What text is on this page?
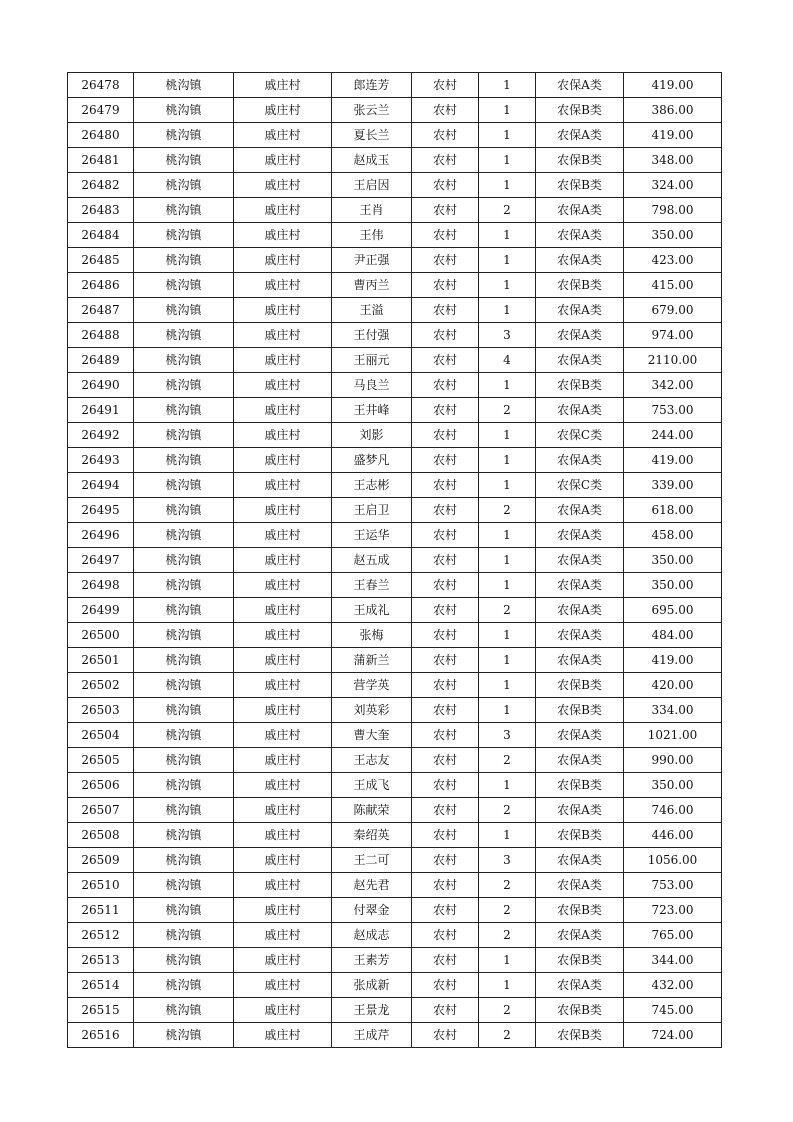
26478	桃沟镇	戚庄村	郎连芳	农村	1	农保A类	419.00
26479	桃沟镇	戚庄村	张云兰	农村	1	农保B类	386.00
26480	桃沟镇	戚庄村	夏长兰	农村	1	农保A类	419.00
26481	桃沟镇	戚庄村	赵成玉	农村	1	农保B类	348.00
26482	桃沟镇	戚庄村	王启因	农村	1	农保B类	324.00
26483	桃沟镇	戚庄村	王肖	农村	2	农保A类	798.00
26484	桃沟镇	戚庄村	王伟	农村	1	农保A类	350.00
26485	桃沟镇	戚庄村	尹正强	农村	1	农保A类	423.00
26486	桃沟镇	戚庄村	曹丙兰	农村	1	农保B类	415.00
26487	桃沟镇	戚庄村	王溢	农村	1	农保A类	679.00
26488	桃沟镇	戚庄村	王付强	农村	3	农保A类	974.00
26489	桃沟镇	戚庄村	王丽元	农村	4	农保A类	2110.00
26490	桃沟镇	戚庄村	马良兰	农村	1	农保B类	342.00
26491	桃沟镇	戚庄村	王井峰	农村	2	农保A类	753.00
26492	桃沟镇	戚庄村	刘影	农村	1	农保C类	244.00
26493	桃沟镇	戚庄村	盛梦凡	农村	1	农保A类	419.00
26494	桃沟镇	戚庄村	王志彬	农村	1	农保C类	339.00
26495	桃沟镇	戚庄村	王启卫	农村	2	农保A类	618.00
26496	桃沟镇	戚庄村	王运华	农村	1	农保A类	458.00
26497	桃沟镇	戚庄村	赵五成	农村	1	农保A类	350.00
26498	桃沟镇	戚庄村	王春兰	农村	1	农保A类	350.00
26499	桃沟镇	戚庄村	王成礼	农村	2	农保A类	695.00
26500	桃沟镇	戚庄村	张梅	农村	1	农保A类	484.00
26501	桃沟镇	戚庄村	蒲新兰	农村	1	农保A类	419.00
26502	桃沟镇	戚庄村	营学英	农村	1	农保B类	420.00
26503	桃沟镇	戚庄村	刘英彩	农村	1	农保B类	334.00
26504	桃沟镇	戚庄村	曹大奎	农村	3	农保A类	1021.00
26505	桃沟镇	戚庄村	王志友	农村	2	农保A类	990.00
26506	桃沟镇	戚庄村	王成飞	农村	1	农保B类	350.00
26507	桃沟镇	戚庄村	陈献荣	农村	2	农保A类	746.00
26508	桃沟镇	戚庄村	秦绍英	农村	1	农保B类	446.00
26509	桃沟镇	戚庄村	王二可	农村	3	农保A类	1056.00
26510	桃沟镇	戚庄村	赵先君	农村	2	农保A类	753.00
26511	桃沟镇	戚庄村	付翠金	农村	2	农保B类	723.00
26512	桃沟镇	戚庄村	赵成志	农村	2	农保A类	765.00
26513	桃沟镇	戚庄村	王素芳	农村	1	农保B类	344.00
26514	桃沟镇	戚庄村	张成新	农村	1	农保A类	432.00
26515	桃沟镇	戚庄村	王景龙	农村	2	农保B类	745.00
26516	桃沟镇	戚庄村	王成芹	农村	2	农保B类	724.00
